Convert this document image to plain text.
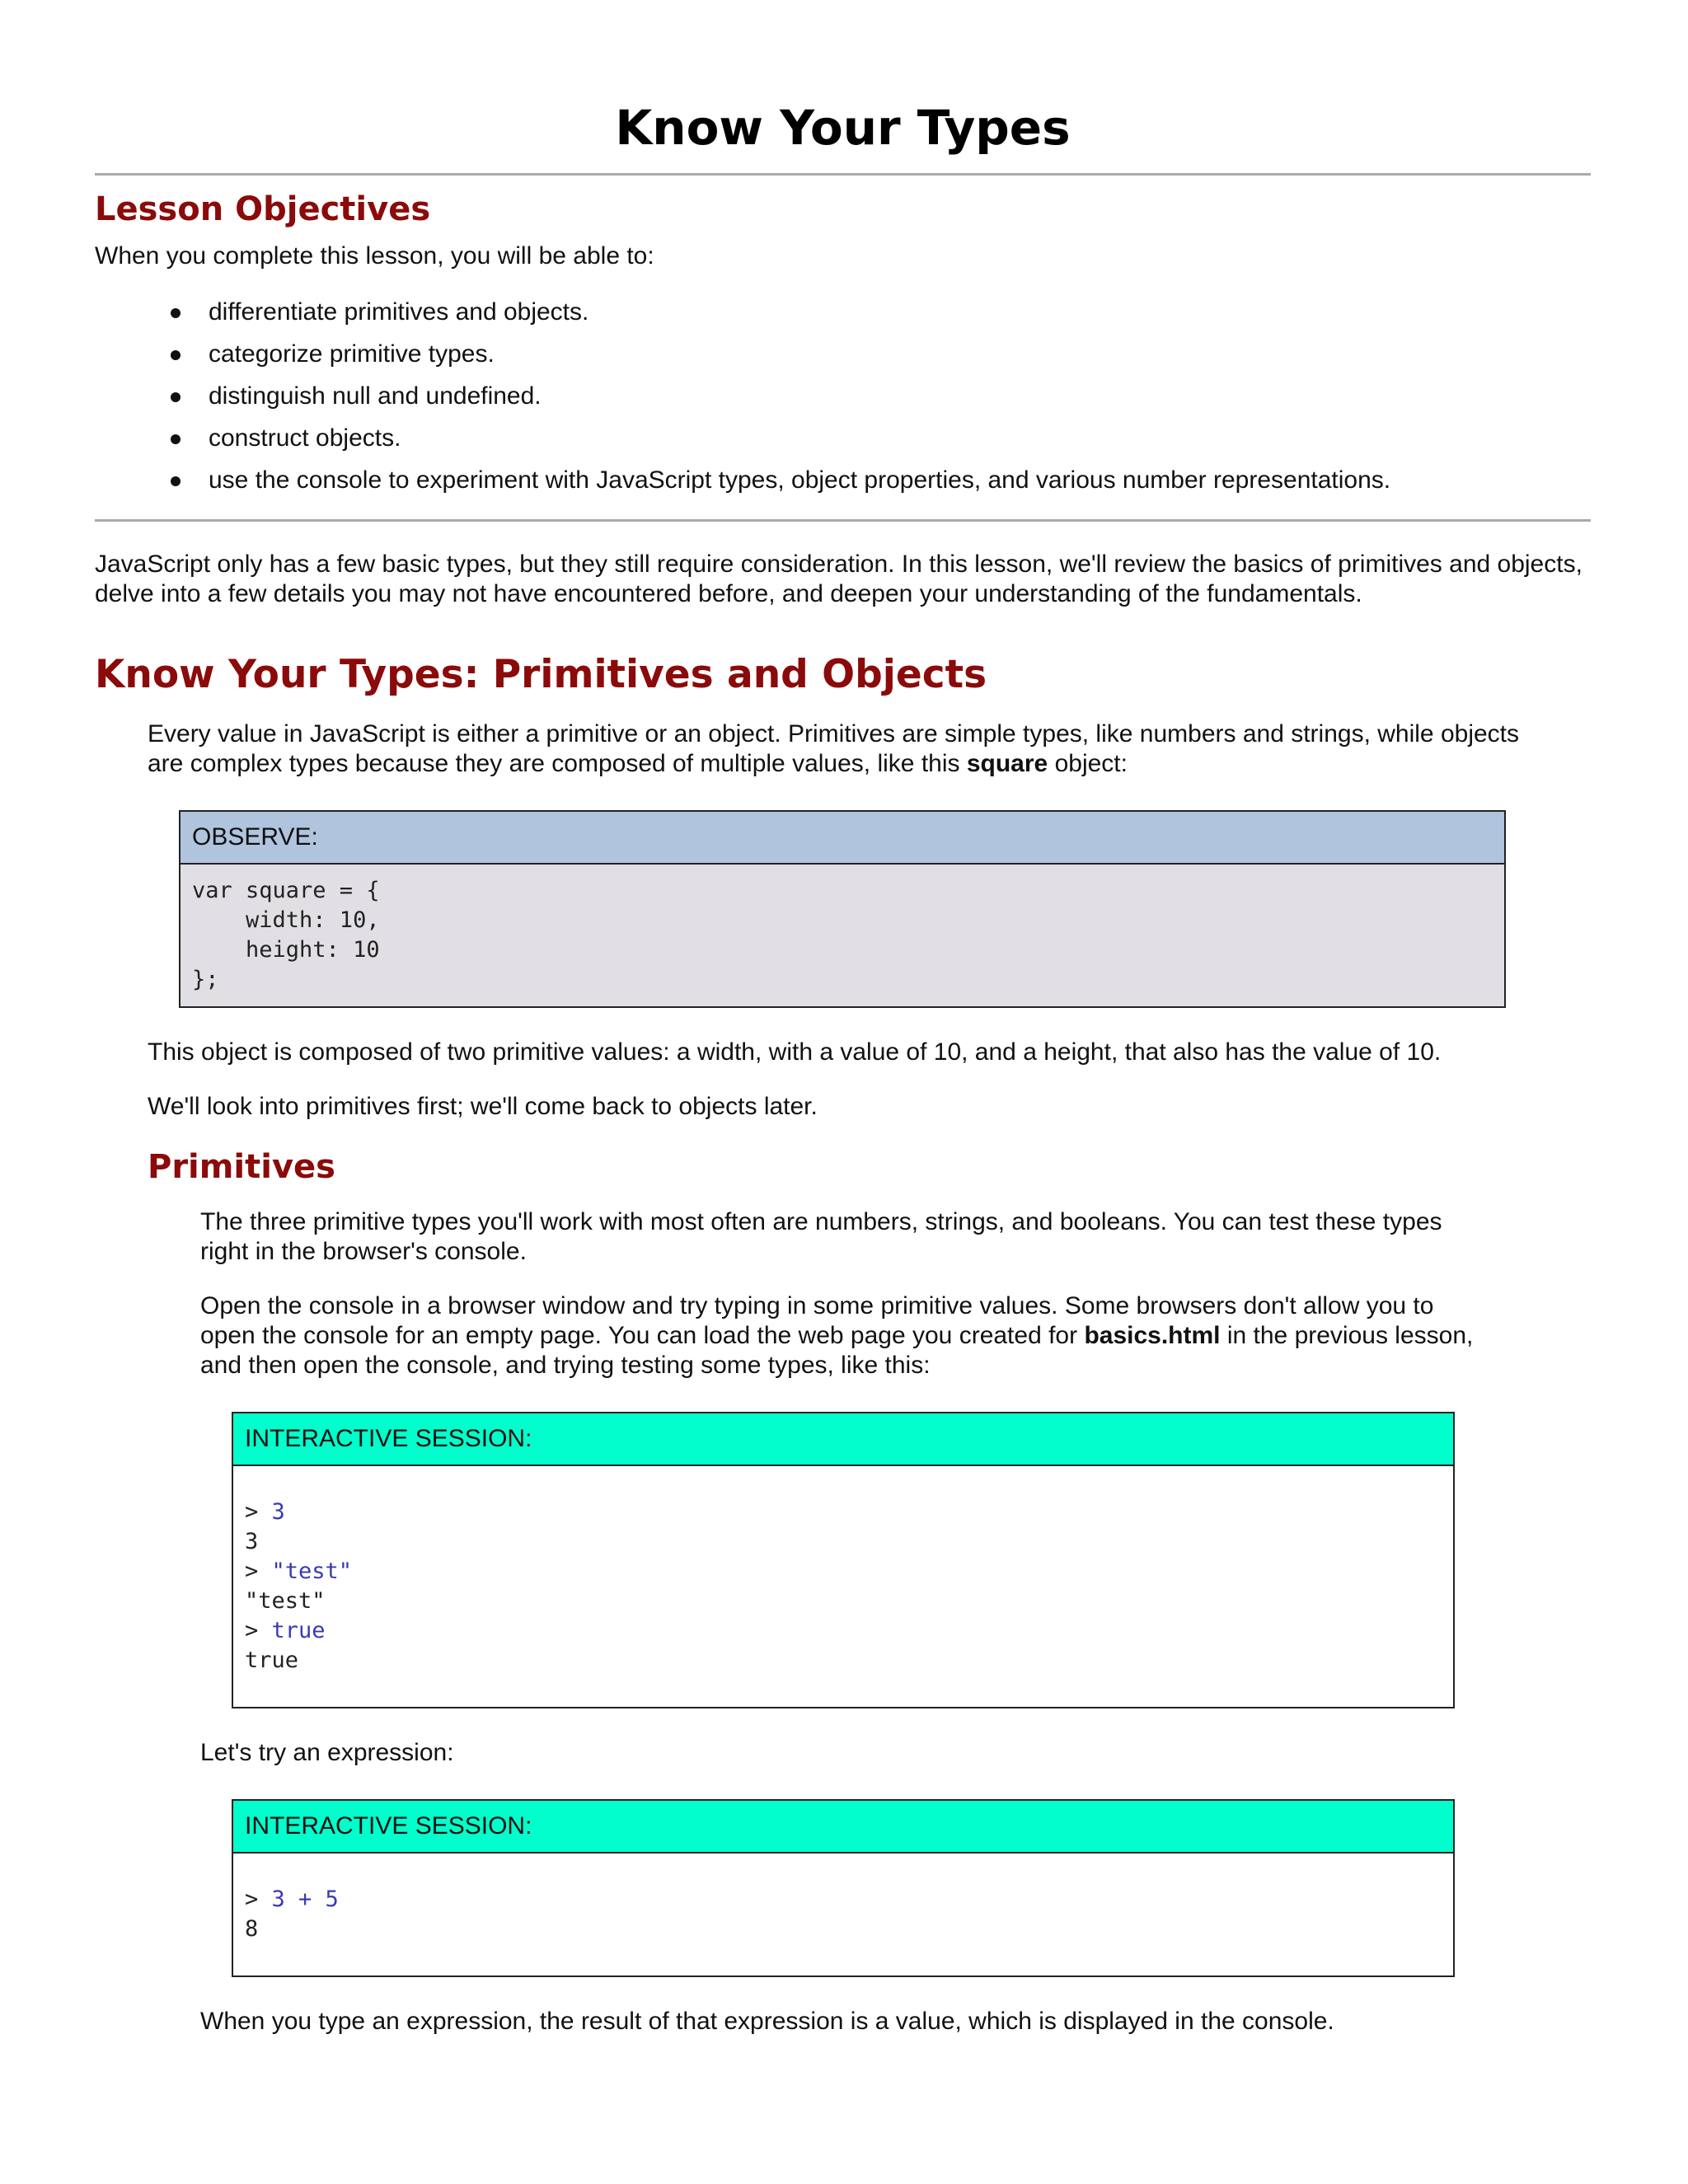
Know Your Types
Lesson Objectives

When you complete this lesson, you will be able to:

differentiate primitives and objects.
categorize primitive types.
distinguish null and undefined.
construct objects.
use the console to experiment with JavaScript types, object properties, and various number representations.

JavaScript only has a few basic types, but they still require consideration. In this lesson, we'll review the basics of primitives and objects, delve into a few details you may not have encountered before, and deepen your understanding of the fundamentals.

Know Your Types: Primitives and Objects

Every value in JavaScript is either a primitive or an object. Primitives are simple types, like numbers and strings, while objects are complex types because they are composed of multiple values, like this square object:

OBSERVE:
var square = {
width: 10,
height: 10
};

This object is composed of two primitive values: a width, with a value of 10, and a height, that also has the value of 10.

We'll look into primitives first; we'll come back to objects later.

Primitives

The three primitive types you'll work with most often are numbers, strings, and booleans. You can test these types right in the browser's console.

Open the console in a browser window and try typing in some primitive values. Some browsers don't allow you to open the console for an empty page. You can load the web page you created for basics.html in the previous lesson, and then open the console, and trying testing some types, like this:

INTERACTIVE SESSION:
> 3
3
> "test"
"test"
> true
true

Let's try an expression:

INTERACTIVE SESSION:
> 3 + 5
8

When you type an expression, the result of that expression is a value, which is displayed in the console.
